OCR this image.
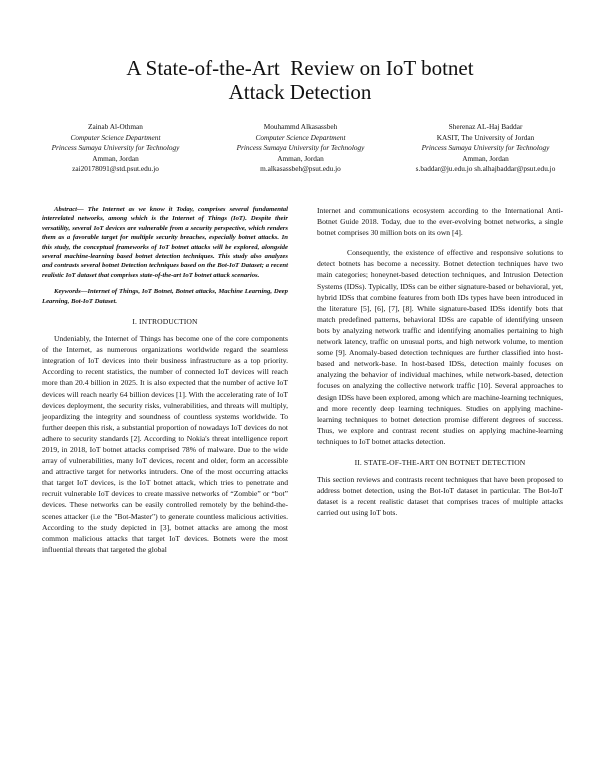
A State-of-the-Art  Review on IoT botnet
Attack Detection
Zainab Al-Othman
Computer Science Department
Princess Sumaya University for Technology
Amman, Jordan
zai20178091@std.psut.edu.jo
Mouhammd Alkasassbeh
Computer Science Department
Princess Sumaya University for Technology
Amman, Jordan
m.alkasassbeh@psut.edu.jo
Sherenaz AL-Haj Baddar
KASIT, The University of Jordan
Princess Sumaya University for Technology
Amman, Jordan
s.baddar@ju.edu.jo sh.alhajbaddar@psut.edu.jo

Abstract— The Internet as we know it Today, comprises several fundamental interrelated networks, among which is the Internet of Things (IoT). Despite their versatility, several IoT devices are vulnerable from a security perspective, which renders them as a favorable target for multiple security breaches, especially botnet attacks. In this study, the conceptual frameworks of IoT botnet attacks will be explored, alongside several machine-learning based botnet detection techniques. This study also analyzes and contrasts several botnet Detection techniques based on the Bot-IoT Dataset; a recent realistic IoT dataset that comprises state-of-the-art IoT botnet attack scenarios.

Keywords—Internet of Things, IoT Botnet, Botnet attacks, Machine Learning, Deep Learning, Bot-IoT Dataset.

I. INTRODUCTION

Undeniably, the Internet of Things has become one of the core components of the Internet, as numerous organizations worldwide regard the seamless integration of IoT devices into their business infrastructure as a top priority. According to recent statistics, the number of connected IoT devices will reach more than 20.4 billion in 2025. It is also expected that the number of active IoT devices will reach nearly 64 billion devices [1]. With the accelerating rate of IoT devices deployment, the security risks, vulnerabilities, and threats will multiply, jeopardizing the integrity and soundness of countless systems worldwide. To further deepen this risk, a substantial proportion of nowadays IoT devices do not adhere to security standards [2]. According to Nokia's threat intelligence report 2019, in 2018, IoT botnet attacks comprised 78% of malware. Due to the wide array of vulnerabilities, many IoT devices, recent and older, form an accessible and attractive target for networks intruders. One of the most occurring attacks that target IoT devices, is the IoT botnet attack, which tries to penetrate and recruit vulnerable IoT devices to create massive networks of “Zombie” or “bot” devices. These networks can be easily controlled remotely by the behind-the-scenes attacker (i.e the "Bot-Master") to generate countless malicious activities. According to the study depicted in [3], botnet attacks are among the most common malicious attacks that target IoT devices. Botnets were the most influential threats that targeted the global

Internet and communications ecosystem according to the International Anti-Botnet Guide 2018. Today, due to the ever-evolving botnet networks, a single botnet comprises 30 million bots on its own [4].

Consequently, the existence of effective and responsive solutions to detect botnets has become a necessity. Botnet detection techniques have two main categories; honeynet-based detection techniques, and Intrusion Detection Systems (IDSs). Typically, IDSs can be either signature-based or behavioral, yet, hybrid IDSs that combine features from both IDs types have been introduced in the literature [5], [6], [7], [8]. While signature-based IDSs identify bots that match predefined patterns, behavioral IDSs are capable of identifying unseen bots by analyzing network traffic and identifying anomalies pertaining to high network latency, traffic on unusual ports, and high network volume, to mention some [9]. Anomaly-based detection techniques are further classified into host-based and network-base. In host-based IDSs, detection mainly focuses on analyzing the behavior of individual machines, while network-based, detection focuses on analyzing the collective network traffic [10]. Several approaches to design IDSs have been explored, among which are machine-learning techniques, and more recently deep learning techniques. Studies on applying machine-learning techniques to botnet detection promise different degrees of success. Thus, we explore and contrast recent studies on applying machine-learning techniques to IoT botnet attacks detection.

II. STATE-OF-THE-ART ON BOTNET DETECTION

This section reviews and contrasts recent techniques that have been proposed to address botnet detection, using the Bot-IoT dataset in particular. The Bot-IoT dataset is a recent realistic dataset that comprises traces of multiple attacks carried out using IoT bots.
